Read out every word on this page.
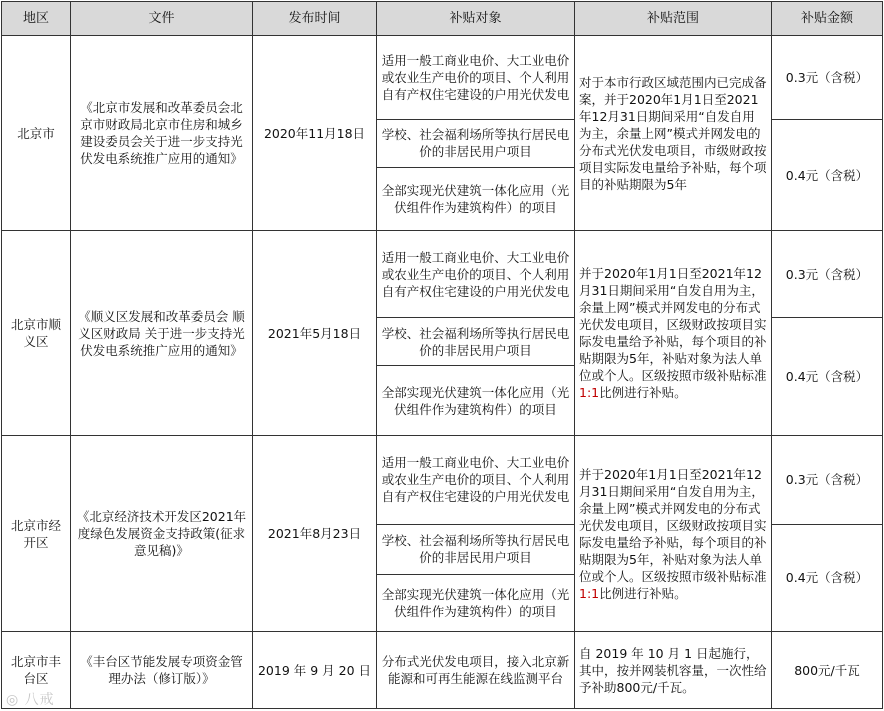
地区	文件	发布时间	补贴对象	补贴范围	补贴金额
北京市	《北京市发展和改革委员会北京市财政局北京市住房和城乡建设委员会关于进一步支持光伏发电系统推广应用的通知》	2020年11月18日	适用一般工商业电价、大工业电价或农业生产电价的项目、个人利用自有产权住宅建设的户用光伏发电	对于本市行政区域范围内已完成备案，并于2020年1月1日至2021年12月31日期间采用“自发自用为主，余量上网”模式并网发电的分布式光伏发电项目，市级财政按项目实际发电量给予补贴，每个项目的补贴期限为5年	0.3元（含税）
			学校、社会福利场所等执行居民电价的非居民用户项目		0.4元（含税）
			全部实现光伏建筑一体化应用（光伏组件作为建筑构件）的项目		
北京市顺义区	《顺义区发展和改革委员会 顺义区财政局 关于进一步支持光伏发电系统推广应用的通知》	2021年5月18日	适用一般工商业电价、大工业电价或农业生产电价的项目、个人利用自有产权住宅建设的户用光伏发电	并于2020年1月1日至2021年12月31日期间采用“自发自用为主，余量上网”模式并网发电的分布式光伏发电项目，区级财政按项目实际发电量给予补贴，每个项目的补贴期限为5年，补贴对象为法人单位或个人。区级按照市级补贴标准1:1比例进行补贴。	0.3元（含税）
			学校、社会福利场所等执行居民电价的非居民用户项目		0.4元（含税）
			全部实现光伏建筑一体化应用（光伏组件作为建筑构件）的项目		
北京市经开区	《北京经济技术开发区2021年度绿色发展资金支持政策(征求意见稿)》	2021年8月23日	适用一般工商业电价、大工业电价或农业生产电价的项目、个人利用自有产权住宅建设的户用光伏发电	并于2020年1月1日至2021年12月31日期间采用“自发自用为主，余量上网”模式并网发电的分布式光伏发电项目，区级财政按项目实际发电量给予补贴，每个项目的补贴期限为5年，补贴对象为法人单位或个人。区级按照市级补贴标准1:1比例进行补贴。	0.3元（含税）
			学校、社会福利场所等执行居民电价的非居民用户项目		0.4元（含税）
			全部实现光伏建筑一体化应用（光伏组件作为建筑构件）的项目		
北京市丰台区	《丰台区节能发展专项资金管理办法（修订版）》	2019 年 9 月 20 日	分布式光伏发电项目，接入北京新能源和可再生能源在线监测平台	自 2019 年 10 月 1 日起施行，其中，按并网装机容量，一次性给予补助800元/千瓦。	800元/千瓦
◎ 八戒
